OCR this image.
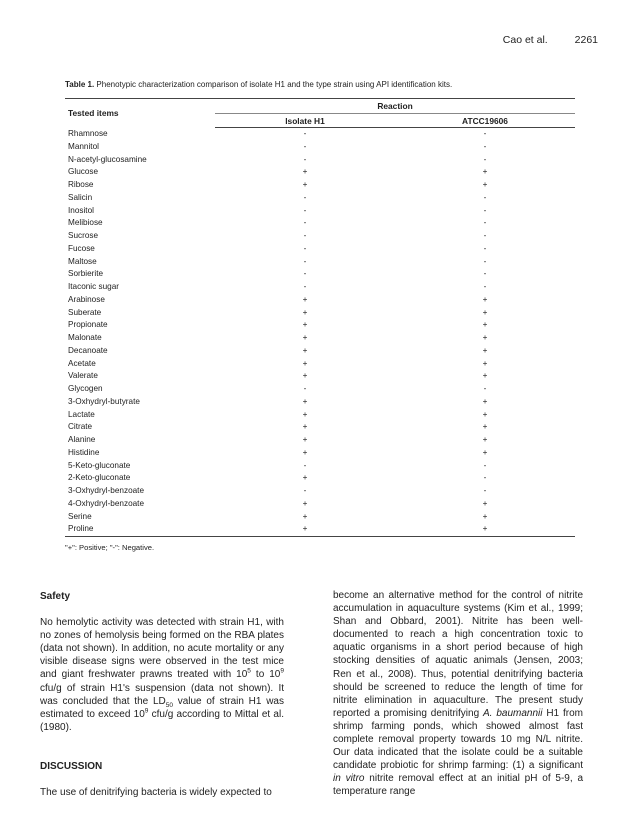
Cao et al.	2261
Table 1. Phenotypic characterization comparison of isolate H1 and the type strain using API identification kits.
Tested items	Reaction	
	Isolate H1	ATCC19606
Rhamnose	-	-
Mannitol	-	-
N-acetyl-glucosamine	-	-
Glucose	+	+
Ribose	+	+
Salicin	-	-
Inositol	-	-
Melibiose	-	-
Sucrose	-	-
Fucose	-	-
Maltose	-	-
Sorbierite	-	-
Itaconic sugar	-	-
Arabinose	+	+
Suberate	+	+
Propionate	+	+
Malonate	+	+
Decanoate	+	+
Acetate	+	+
Valerate	+	+
Glycogen	-	-
3-Oxhydryl-butyrate	+	+
Lactate	+	+
Citrate	+	+
Alanine	+	+
Histidine	+	+
5-Keto-gluconate	-	-
2-Keto-gluconate	+	-
3-Oxhydryl-benzoate	-	-
4-Oxhydryl-benzoate	+	+
Serine	+	+
Proline	+	+
"+": Positive; "-": Negative.
Safety

No hemolytic activity was detected with strain H1, with no zones of hemolysis being formed on the RBA plates (data not shown). In addition, no acute mortality or any visible disease signs were observed in the test mice and giant freshwater prawns treated with $10^5$ to $10^9$ cfu/g of strain H1's suspension (data not shown). It was concluded that the $LD_{50}$ value of strain H1 was estimated to exceed $10^9$ cfu/g according to Mittal et al. (1980).

DISCUSSION

The use of denitrifying bacteria is widely expected to

become an alternative method for the control of nitrite accumulation in aquaculture systems (Kim et al., 1999; Shan and Obbard, 2001). Nitrite has been well-documented to reach a high concentration toxic to aquatic organisms in a short period because of high stocking densities of aquatic animals (Jensen, 2003; Ren et al., 2008). Thus, potential denitrifying bacteria should be screened to reduce the length of time for nitrite elimination in aquaculture. The present study reported a promising denitrifying A. baumannii H1 from shrimp farming ponds, which showed almost fast complete removal property towards 10 mg N/L nitrite. Our data indicated that the isolate could be a suitable candidate probiotic for shrimp farming: (1) a significant in vitro nitrite removal effect at an initial pH of 5-9, a temperature range
